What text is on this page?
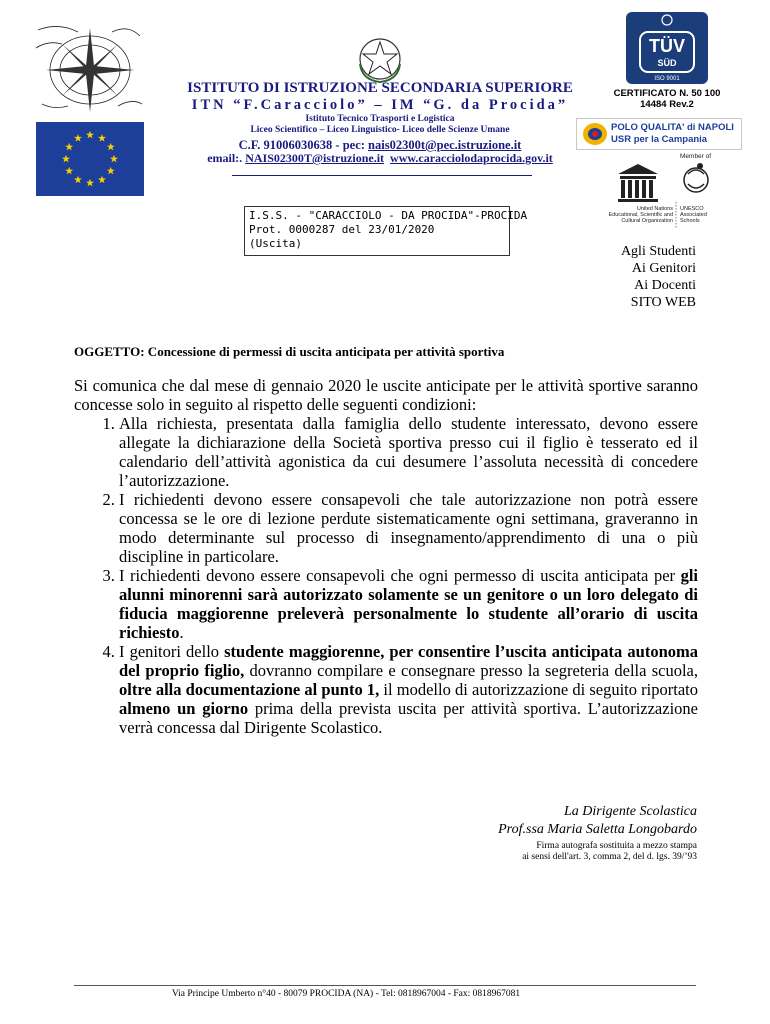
ISTITUTO DI ISTRUZIONE SECONDARIA SUPERIORE
ITN “F.Caracciolo” – IM “G. da Procida”
Istituto Tecnico Trasporti e Logistica
Liceo Scientifico – Liceo Linguistico- Liceo delle Scienze Umane
C.F. 91006030638 - pec: nais02300t@pec.istruzione.it
email:. NAIS02300T@istruzione.it www.caracciolodaprocida.gov.it
TÜV
SÜD
ISO 9001
CERTIFICATO N. 50 100
14484 Rev.2
POLO QUALITA' di NAPOLI
USR per la Campania
Member of
United Nations
Educational, Scientific and
Cultural Organization
UNESCO
Associated
Schools
I.S.S. - "CARACCIOLO - DA PROCIDA"-PROCIDA
Prot. 0000287 del 23/01/2020
(Uscita)
Agli Studenti
Ai Genitori
Ai Docenti
SITO WEB
OGGETTO: Concessione di permessi di uscita anticipata per attività sportiva

Si comunica che dal mese di gennaio 2020 le uscite anticipate per le attività sportive saranno concesse solo in seguito al rispetto delle seguenti condizioni:

1. Alla richiesta, presentata dalla famiglia dello studente interessato, devono essere allegate la dichiarazione della Società sportiva presso cui il figlio è tesserato ed il calendario dell’attività agonistica da cui desumere l’assoluta necessità di concedere l’autorizzazione.
2. I richiedenti devono essere consapevoli che tale autorizzazione non potrà essere concessa se le ore di lezione perdute sistematicamente ogni settimana, graveranno in modo determinante sul processo di insegnamento/apprendimento di una o più discipline in particolare.
3. I richiedenti devono essere consapevoli che ogni permesso di uscita anticipata per gli alunni minorenni sarà autorizzato solamente se un genitore o un loro delegato di fiducia maggiorenne preleverà personalmente lo studente all’orario di uscita richiesto.
4. I genitori dello studente maggiorenne, per consentire l’uscita anticipata autonoma del proprio figlio, dovranno compilare e consegnare presso la segreteria della scuola, oltre alla documentazione al punto 1, il modello di autorizzazione di seguito riportato almeno un giorno prima della prevista uscita per attività sportiva. L’autorizzazione verrà concessa dal Dirigente Scolastico.
La Dirigente Scolastica
Prof.ssa Maria Saletta Longobardo
Firma autografa sostituita a mezzo stampa
ai sensi dell'art. 3, comma 2, del d. lgs. 39/’93
Via Principe Umberto n°40 - 80079 PROCIDA (NA) - Tel: 0818967004 - Fax: 0818967081
